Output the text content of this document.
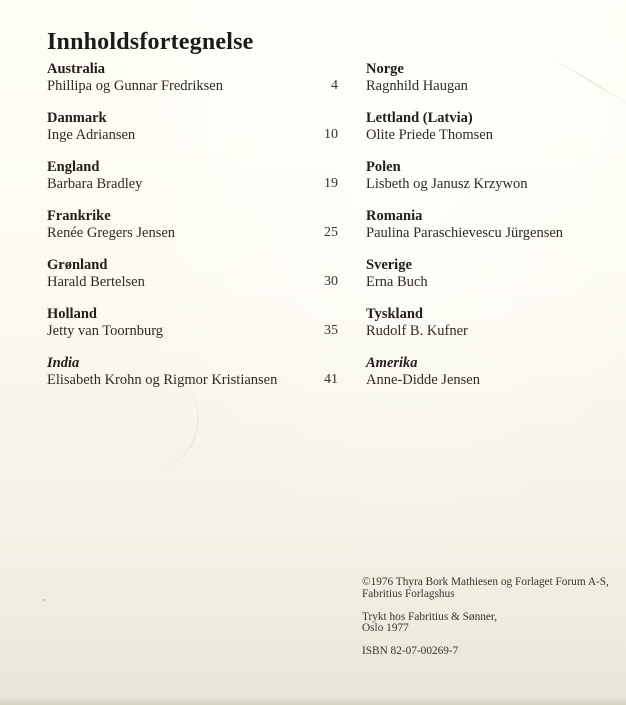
Innholdsfortegnelse
Australia
Phillipa og Gunnar Fredriksen	4
Danmark
Inge Adriansen	10
England
Barbara Bradley	19
Frankrike
Renée Gregers Jensen	25
Grønland
Harald Bertelsen	30
Holland
Jetty van Toornburg	35
India
Elisabeth Krohn og Rigmor Kristiansen	41
Norge
Ragnhild Haugan
Lettland (Latvia)
Olite Priede Thomsen
Polen
Lisbeth og Janusz Krzywon
Romania
Paulina Paraschievescu Jürgensen
Sverige
Erna Buch
Tyskland
Rudolf B. Kufner
Amerika
Anne-Didde Jensen
©1976 Thyra Bork Mathiesen og Forlaget Forum A-S,
Fabritius Forlagshus
Trykt hos Fabritius & Sønner,
Oslo 1977
ISBN 82-07-00269-7
